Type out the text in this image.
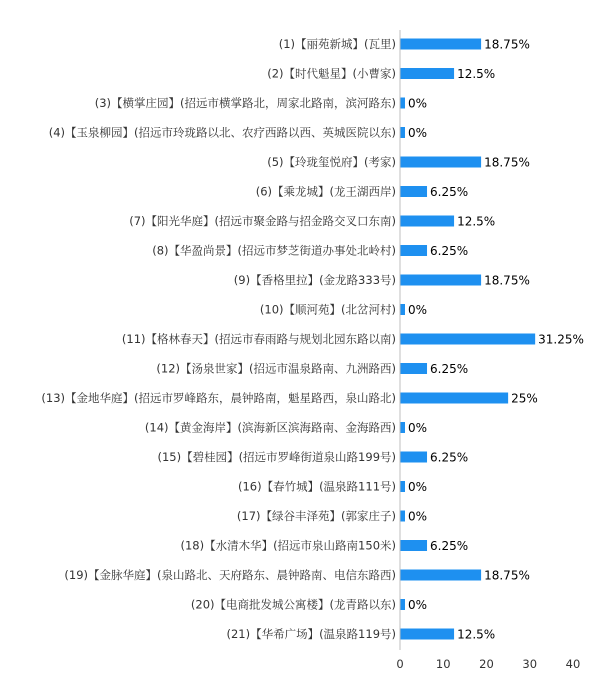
(1)【丽苑新城】(瓦里)	18.75%
(2)【时代魁星】(小曹家)	12.5%
(3)【横掌庄园】(招远市横掌路北，周家北路南，滨河路东) 0%
(4)【玉泉柳园】(招远市玲珑路以北、农疗西路以西、英城医院以东) 0%
(5)【玲珑玺悦府】(考家)	18.75%
(6)【乘龙城】(龙王湖西岸)	6.25%
(7)【阳光华庭】(招远市聚金路与招金路交叉口东南)	12.5%
(8)【华盈尚景】(招远市梦芝街道办事处北岭村)	6.25%
(9)【香格里拉】(金龙路333号)	18.75%
(10)【顺河苑】(北岔河村) 0%
(11)【格林春天】(招远市春雨路与规划北园东路以南)	31.25%
(12)【汤泉世家】(招远市温泉路南、九洲路西)	6.25%
(13)【金地华庭】(招远市罗峰路东，晨钟路南，魁星路西，泉山路北)	25%
(14)【黄金海岸】(滨海新区滨海路南、金海路西) 0%
(15)【碧桂园】(招远市罗峰街道泉山路199号)	6.25%
(16)【春竹城】(温泉路111号) 0%
(17)【绿谷丰泽苑】(郭家庄子) 0%
(18)【水清木华】(招远市泉山路南150米)	6.25%
(19)【金脉华庭】(泉山路北、天府路东、晨钟路南、电信东路西)	18.75%
(20)【电商批发城公寓楼】(龙青路以东) 0%
(21)【华希广场】(温泉路119号)	12.5%
0	10 20 30 40
